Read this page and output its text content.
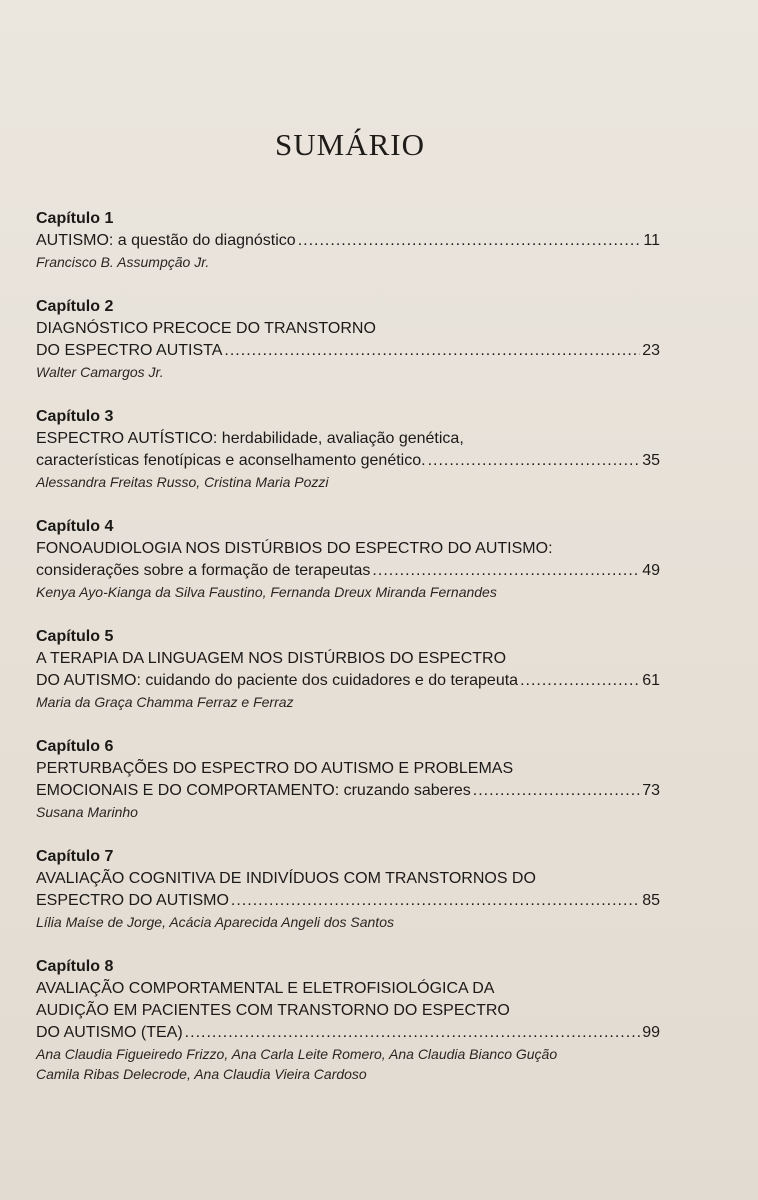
SUMÁRIO
Capítulo 1
AUTISMO: a questão do diagnóstico .....	11
Francisco B. Assumpção Jr.
Capítulo 2
DIAGNÓSTICO PRECOCE DO TRANSTORNO
DO ESPECTRO AUTISTA .....	23
Walter Camargos Jr.
Capítulo 3
ESPECTRO AUTÍSTICO: herdabilidade, avaliação genética,
características fenotípicas e aconselhamento genético. .....	35
Alessandra Freitas Russo, Cristina Maria Pozzi
Capítulo 4
FONOAUDIOLOGIA NOS DISTÚRBIOS DO ESPECTRO DO AUTISMO:
considerações sobre a formação de terapeutas .....	49
Kenya Ayo-Kianga da Silva Faustino, Fernanda Dreux Miranda Fernandes
Capítulo 5
A TERAPIA DA LINGUAGEM NOS DISTÚRBIOS DO ESPECTRO
DO AUTISMO: cuidando do paciente dos cuidadores e do terapeuta .....	61
Maria da Graça Chamma Ferraz e Ferraz
Capítulo 6
PERTURBAÇÕES DO ESPECTRO DO AUTISMO E PROBLEMAS
EMOCIONAIS E DO COMPORTAMENTO: cruzando saberes .....	73
Susana Marinho
Capítulo 7
AVALIAÇÃO COGNITIVA DE INDIVÍDUOS COM TRANSTORNOS DO
ESPECTRO DO AUTISMO .....	85
Lília Maíse de Jorge, Acácia Aparecida Angeli dos Santos
Capítulo 8
AVALIAÇÃO COMPORTAMENTAL E ELETROFISIOLÓGICA DA
AUDIÇÃO EM PACIENTES COM TRANSTORNO DO ESPECTRO
DO AUTISMO (TEA) .....	99
Ana Claudia Figueiredo Frizzo, Ana Carla Leite Romero, Ana Claudia Bianco Gução
Camila Ribas Delecrode, Ana Claudia Vieira Cardoso
